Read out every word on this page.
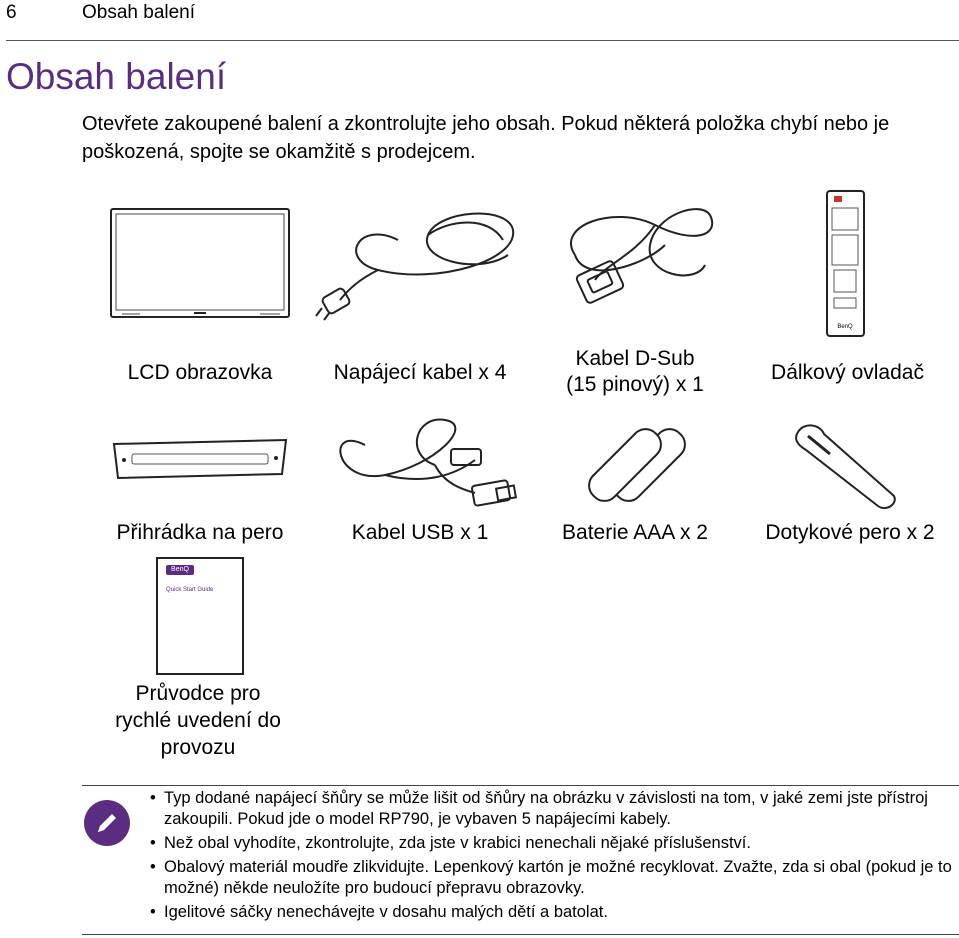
6	Obsah balení
Obsah balení
Otevřete zakoupené balení a zkontrolujte jeho obsah. Pokud některá položka chybí nebo je poškozená, spojte se okamžitě s prodejcem.
BenQ
LCD obrazovka	Napájecí kabel x 4
Kabel D-Sub
(15 pinový) x 1
Dálkový ovladač
Přihrádka na pero	Kabel USB x 1	Baterie AAA x 2	Dotykové pero x 2
BenQ
Quick Start Guide
Průvodce pro
rychlé uvedení do
provozu
• Typ dodané napájecí šňůry se může lišit od šňůry na obrázku v závislosti na tom, v jaké zemi jste přístroj zakoupili. Pokud jde o model RP790, je vybaven 5 napájecími kabely.
• Než obal vyhodíte, zkontrolujte, zda jste v krabici nenechali nějaké příslušenství.
• Obalový materiál moudře zlikvidujte. Lepenkový kartón je možné recyklovat. Zvažte, zda si obal (pokud je to možné) někde neuložíte pro budoucí přepravu obrazovky.
• Igelitové sáčky nenechávejte v dosahu malých dětí a batolat.
